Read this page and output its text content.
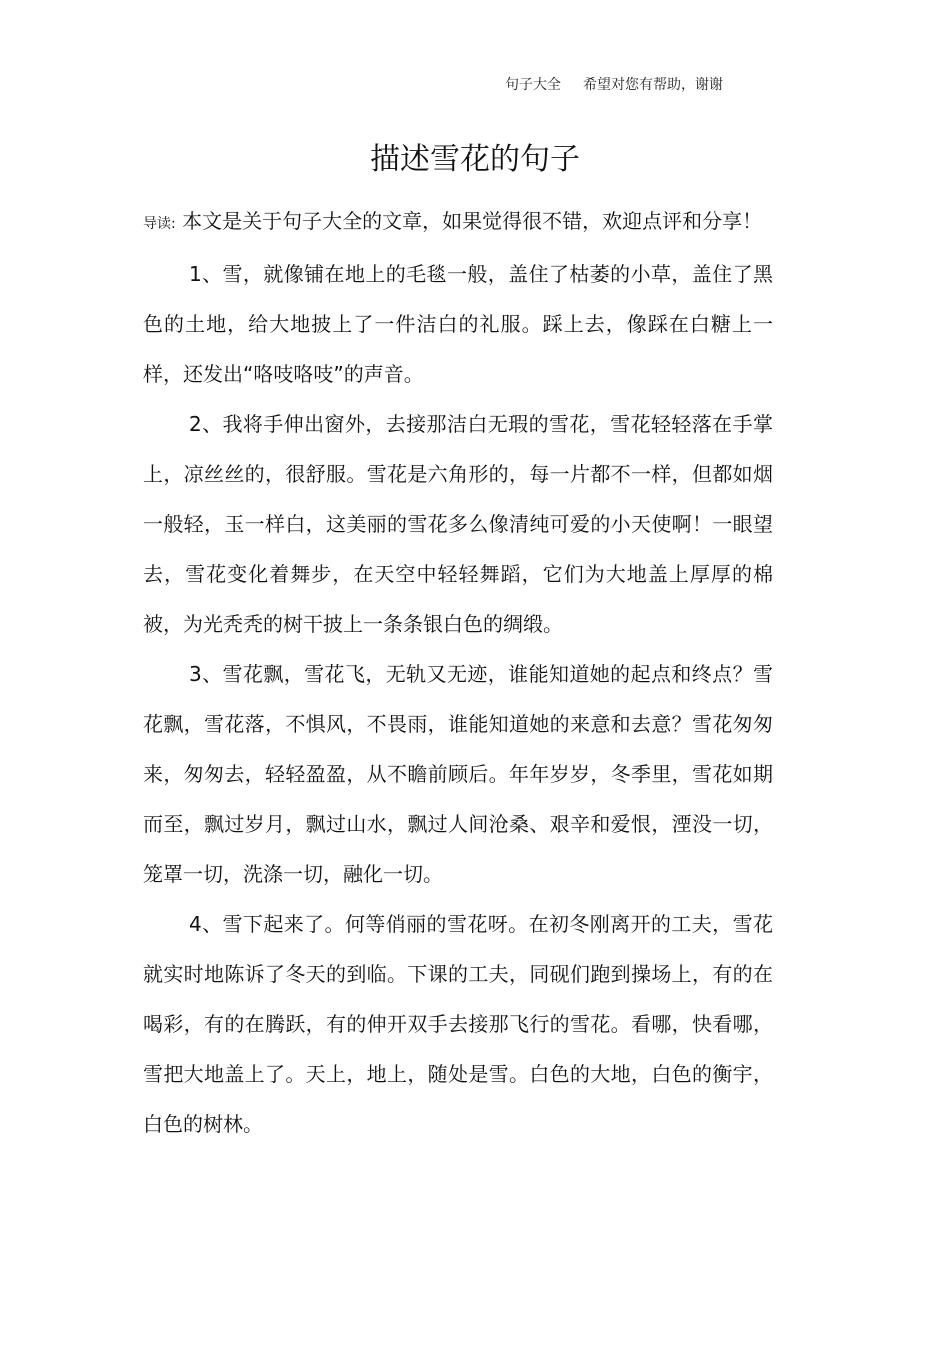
句子大全 希望对您有帮助，谢谢
描述雪花的句子

导读: 本文是关于句子大全的文章，如果觉得很不错，欢迎点评和分享！

1、雪，就像铺在地上的毛毯一般，盖住了枯萎的小草，盖住了黑色的土地，给大地披上了一件洁白的礼服。踩上去，像踩在白糖上一样，还发出“咯吱咯吱”的声音。

2、我将手伸出窗外，去接那洁白无瑕的雪花，雪花轻轻落在手掌上，凉丝丝的，很舒服。雪花是六角形的，每一片都不一样，但都如烟一般轻，玉一样白，这美丽的雪花多么像清纯可爱的小天使啊！一眼望去，雪花变化着舞步，在天空中轻轻舞蹈，它们为大地盖上厚厚的棉被，为光秃秃的树干披上一条条银白色的绸缎。

3、雪花飘，雪花飞，无轨又无迹，谁能知道她的起点和终点？雪花飘，雪花落，不惧风，不畏雨，谁能知道她的来意和去意？雪花匆匆来，匆匆去，轻轻盈盈，从不瞻前顾后。年年岁岁，冬季里，雪花如期而至，飘过岁月，飘过山水，飘过人间沧桑、艰辛和爱恨，湮没一切，笼罩一切，洗涤一切，融化一切。

4、雪下起来了。何等俏丽的雪花呀。在初冬刚离开的工夫，雪花就实时地陈诉了冬天的到临。下课的工夫，同砚们跑到操场上，有的在喝彩，有的在腾跃，有的伸开双手去接那飞行的雪花。看哪，快看哪，雪把大地盖上了。天上，地上，随处是雪。白色的大地，白色的衡宇，白色的树林。
